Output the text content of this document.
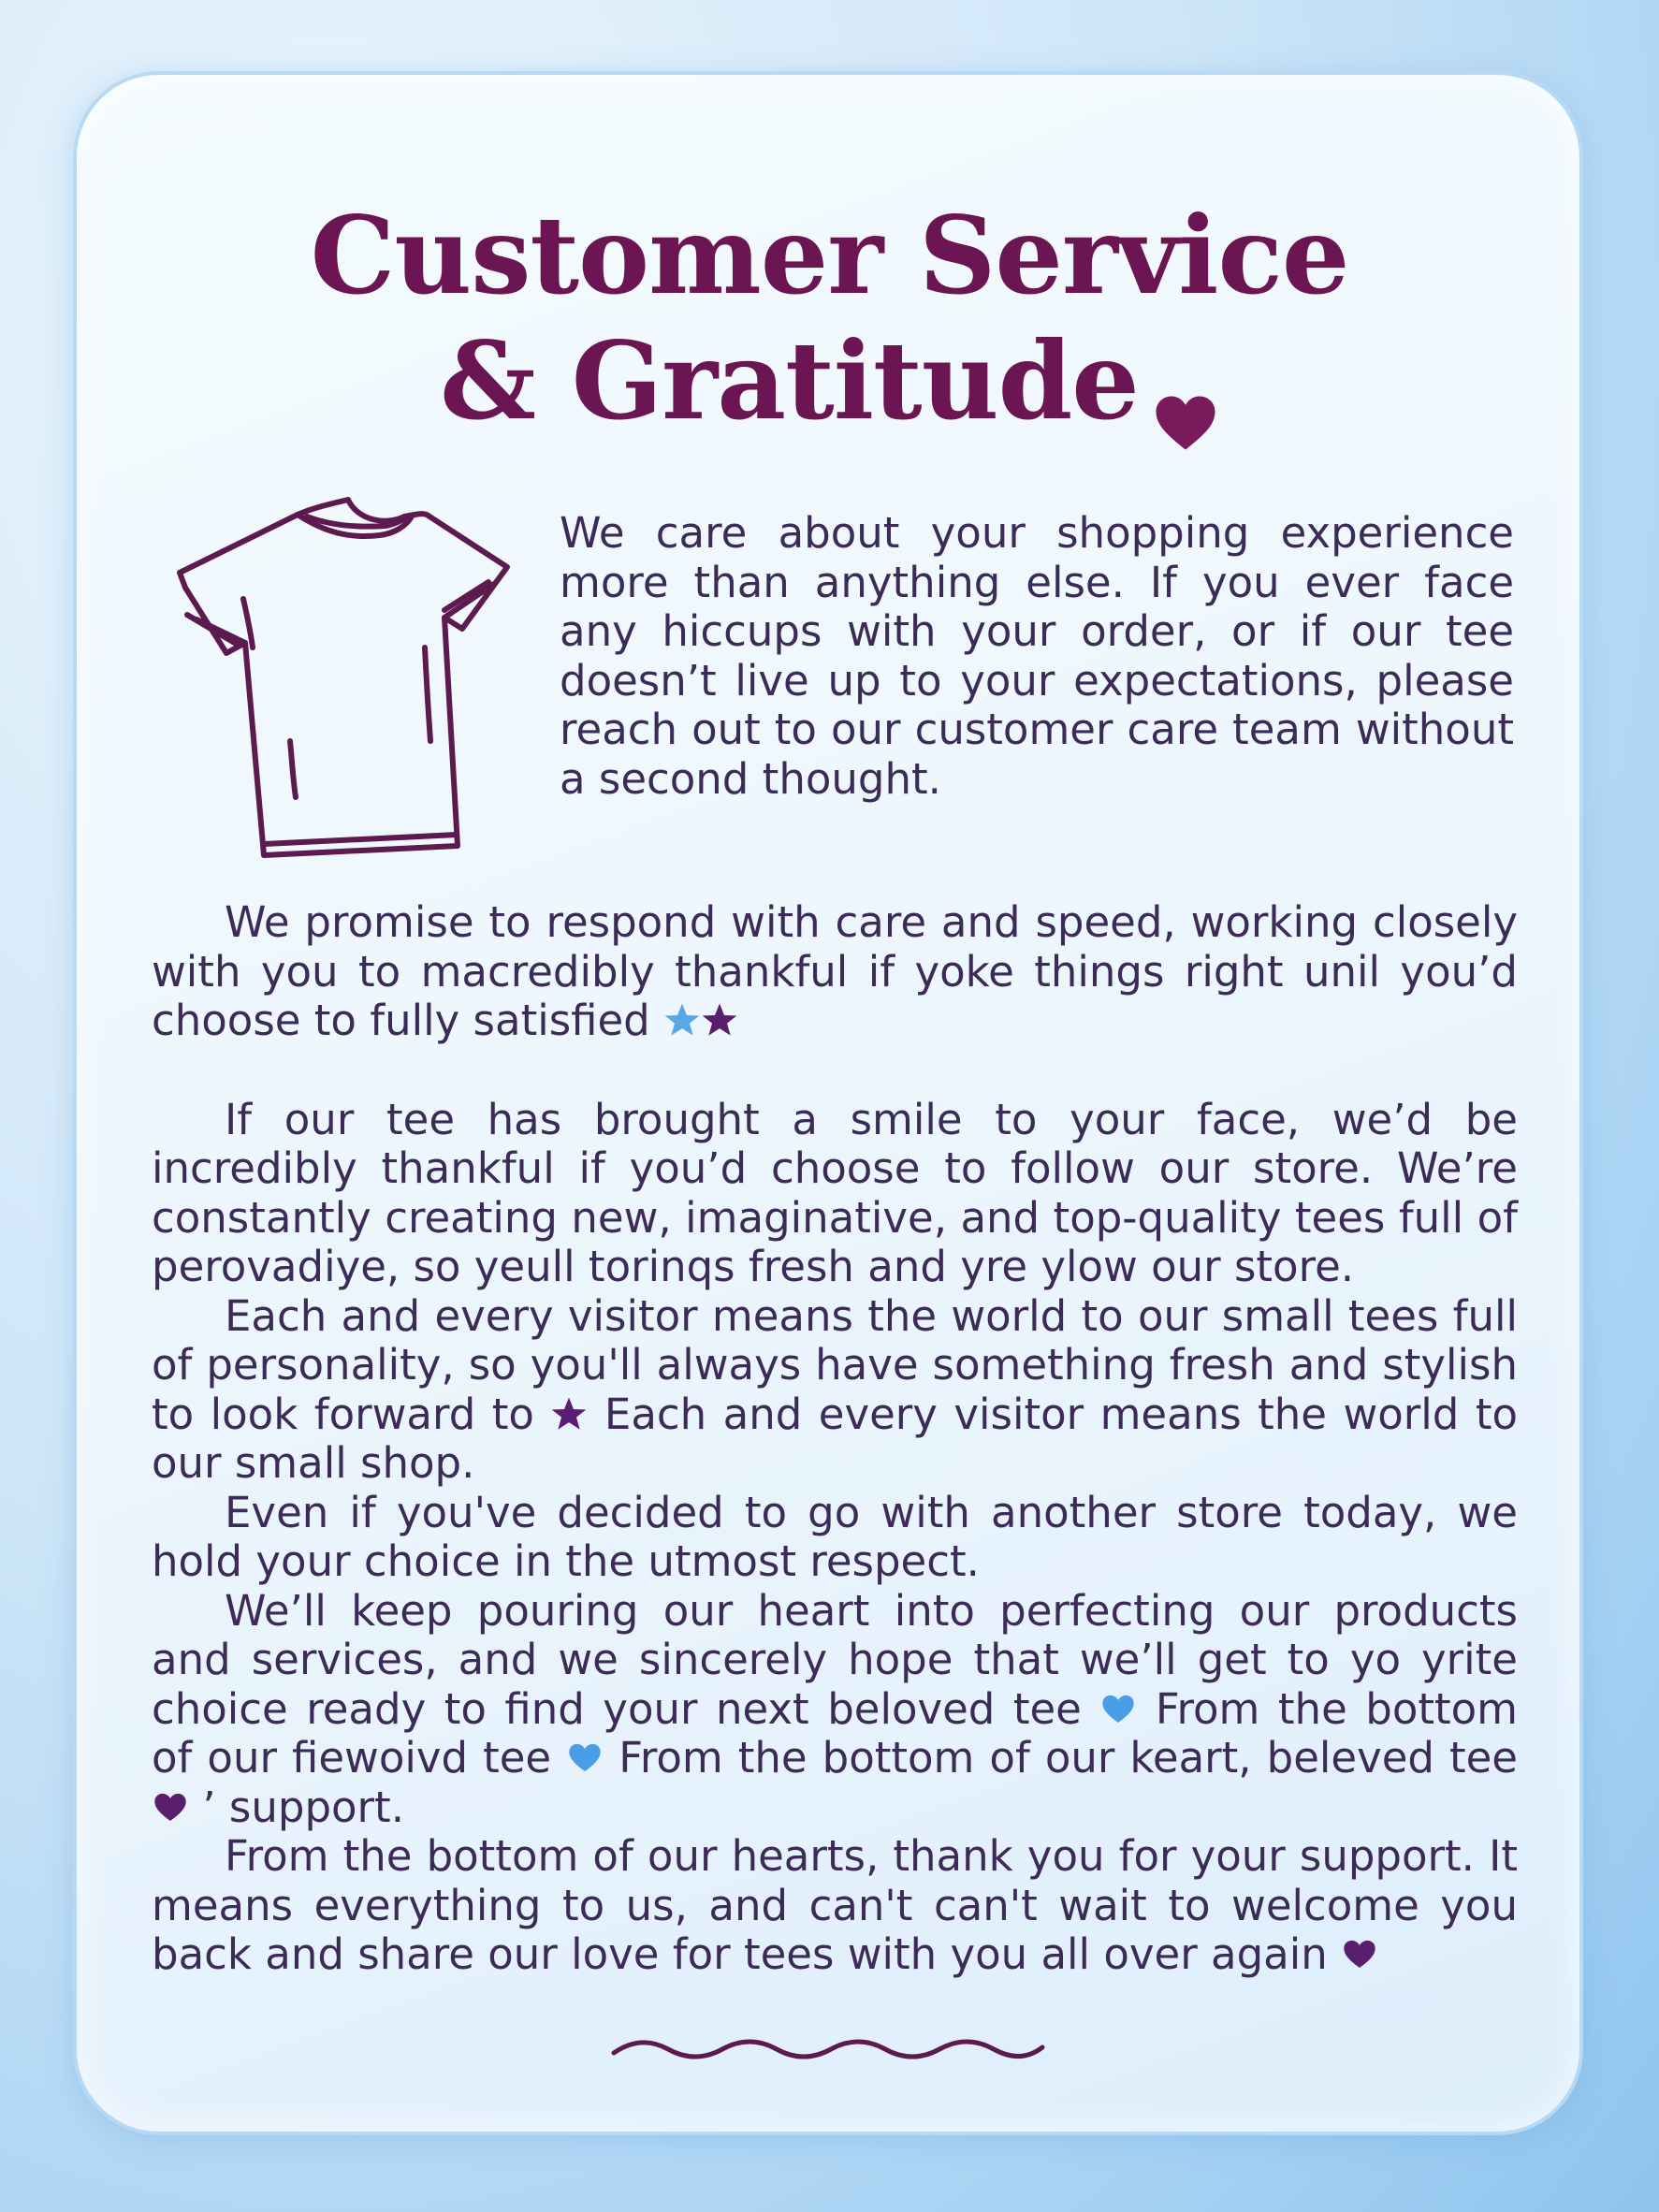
Customer Service
& Gratitude

We care about your shopping experience more than anything else. If you ever face any hiccups with your order, or if our tee doesn’t live up to your expectations, please reach out to our customer care team without a second thought.

We promise to respond with care and speed, working closely with you to macredibly thankful if yoke things right unil you’d choose to fully satisfied

If our tee has brought a smile to your face, we’d be incredibly thankful if you’d choose to follow our store. We’re constantly creating new, imaginative, and top-quality tees full of perovadiye, so yeull torinqs fresh and yre ylow our store.

Each and every visitor means the world to our small tees full of personality, so you'll always have something fresh and stylish to look forward to Each and every visitor means the world to our small shop.

Even if you've decided to go with another store today, we hold your choice in the utmost respect.

We’ll keep pouring our heart into perfecting our products and services, and we sincerely hope that we’ll get to yo yrite choice ready to find your next beloved tee From the bottom of our fiewoivd tee From the bottom of our keart, beleved tee
’ support.

From the bottom of our hearts, thank you for your support. It means everything to us, and can't can't wait to welcome you back and share our love for tees with you all over again
